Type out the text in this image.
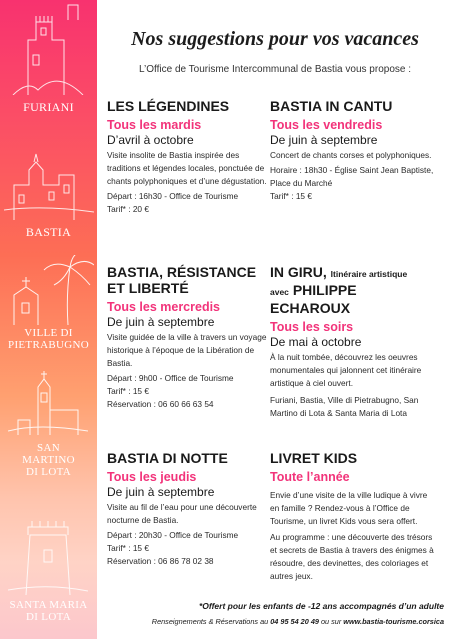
FURIANI
BASTIA
VILLE DI
PIETRABUGNO
SAN
MARTINO
DI LOTA
SANTA MARIA
DI LOTA
Nos suggestions pour vos vacances
L’Office de Tourisme Intercommunal de Bastia vous propose :
LES LÉGENDINES
Tous les mardis
D’avril à octobre
Visite insolite de Bastia inspirée des traditions et légendes locales, ponctuée de chants polyphoniques et d’une dégustation.
Départ : 16h30 - Office de Tourisme
Tarif* : 20 €
BASTIA IN CANTU
Tous les vendredis
De juin à septembre
Concert de chants corses et polyphoniques.
Horaire : 18h30 - Église Saint Jean Baptiste, Place du Marché
Tarif* : 15 €
BASTIA, RÉSISTANCE ET LIBERTÉ
Tous les mercredis
De juin à septembre
Visite guidée de la ville à travers un voyage historique à l’époque de la Libération de Bastia.
Départ : 9h00 - Office de Tourisme
Tarif* : 15 €
Réservation : 06 60 66 63 54
IN GIRU, Itinéraire artistique
avec PHILIPPE ECHAROUX
Tous les soirs
De mai à octobre
À la nuit tombée, découvrez les oeuvres monumentales qui jalonnent cet itinéraire artistique à ciel ouvert.
Furiani, Bastia, Ville di Pietrabugno, San Martino di Lota & Santa Maria di Lota
BASTIA DI NOTTE
Tous les jeudis
De juin à septembre
Visite au fil de l’eau pour une découverte nocturne de Bastia.
Départ : 20h30 - Office de Tourisme
Tarif* : 15 €
Réservation : 06 86 78 02 38
LIVRET KIDS
Toute l’année
Envie d’une visite de la ville ludique à vivre en famille ? Rendez-vous à l’Office de Tourisme, un livret Kids vous sera offert.
Au programme : une découverte des trésors et secrets de Bastia à travers des énigmes à résoudre, des devinettes, des coloriages et autres jeux.
*Offert pour les enfants de -12 ans accompagnés d’un adulte
Renseignements & Réservations au 04 95 54 20 49 ou sur www.bastia-tourisme.corsica
